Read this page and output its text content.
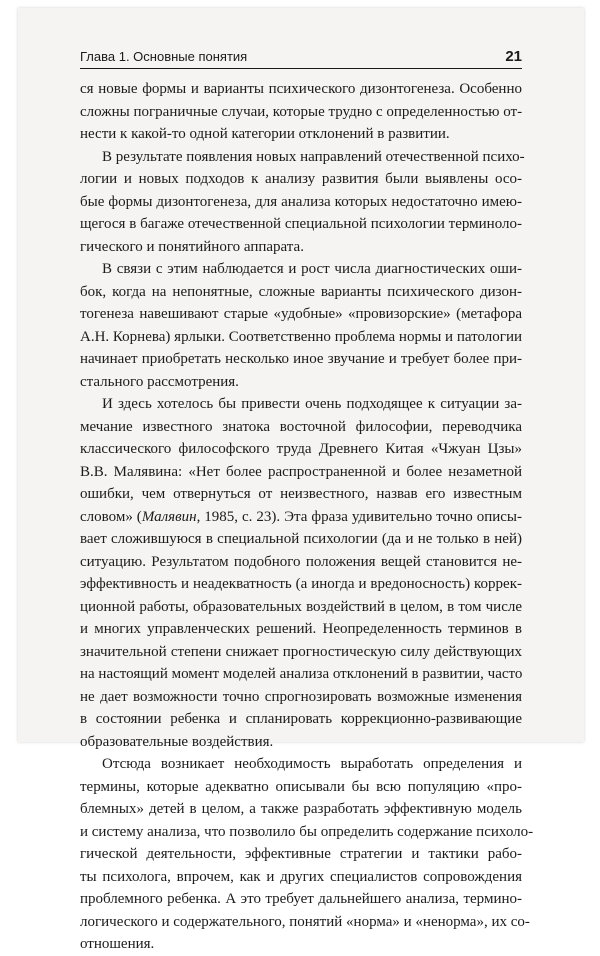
Глава 1. Основные понятия	21
ся новые формы и варианты психического дизонтогенеза. Особенно
сложны пограничные случаи, которые трудно с определенностью от-
нести к какой-то одной категории отклонений в развитии.
В результате появления новых направлений отечественной психо-
логии и новых подходов к анализу развития были выявлены осо-
бые формы дизонтогенеза, для анализа которых недостаточно имею-
щегося в багаже отечественной специальной психологии терминоло-
гического и понятийного аппарата.
В связи с этим наблюдается и рост числа диагностических оши-
бок, когда на непонятные, сложные варианты психического дизон-
тогенеза навешивают старые «удобные» «провизорские» (метафора
А.Н. Корнева) ярлыки. Соответственно проблема нормы и патологии
начинает приобретать несколько иное звучание и требует более при-
стального рассмотрения.
И здесь хотелось бы привести очень подходящее к ситуации за-
мечание известного знатока восточной философии, переводчика
классического философского труда Древнего Китая «Чжуан Цзы»
В.В. Малявина: «Нет более распространенной и более незаметной
ошибки, чем отвернуться от неизвестного, назвав его известным
словом» (Малявин, 1985, с. 23). Эта фраза удивительно точно описы-
вает сложившуюся в специальной психологии (да и не только в ней)
ситуацию. Результатом подобного положения вещей становится не-
эффективность и неадекватность (а иногда и вредоносность) коррек-
ционной работы, образовательных воздействий в целом, в том числе
и многих управленческих решений. Неопределенность терминов в
значительной степени снижает прогностическую силу действующих
на настоящий момент моделей анализа отклонений в развитии, часто
не дает возможности точно спрогнозировать возможные изменения
в состоянии ребенка и спланировать коррекционно-развивающие
образовательные воздействия.
Отсюда возникает необходимость выработать определения и
термины, которые адекватно описывали бы всю популяцию «про-
блемных» детей в целом, а также разработать эффективную модель
и систему анализа, что позволило бы определить содержание психоло-
гической деятельности, эффективные стратегии и тактики рабо-
ты психолога, впрочем, как и других специалистов сопровождения
проблемного ребенка. А это требует дальнейшего анализа, термино-
логического и содержательного, понятий «норма» и «ненорма», их со-
отношения.
